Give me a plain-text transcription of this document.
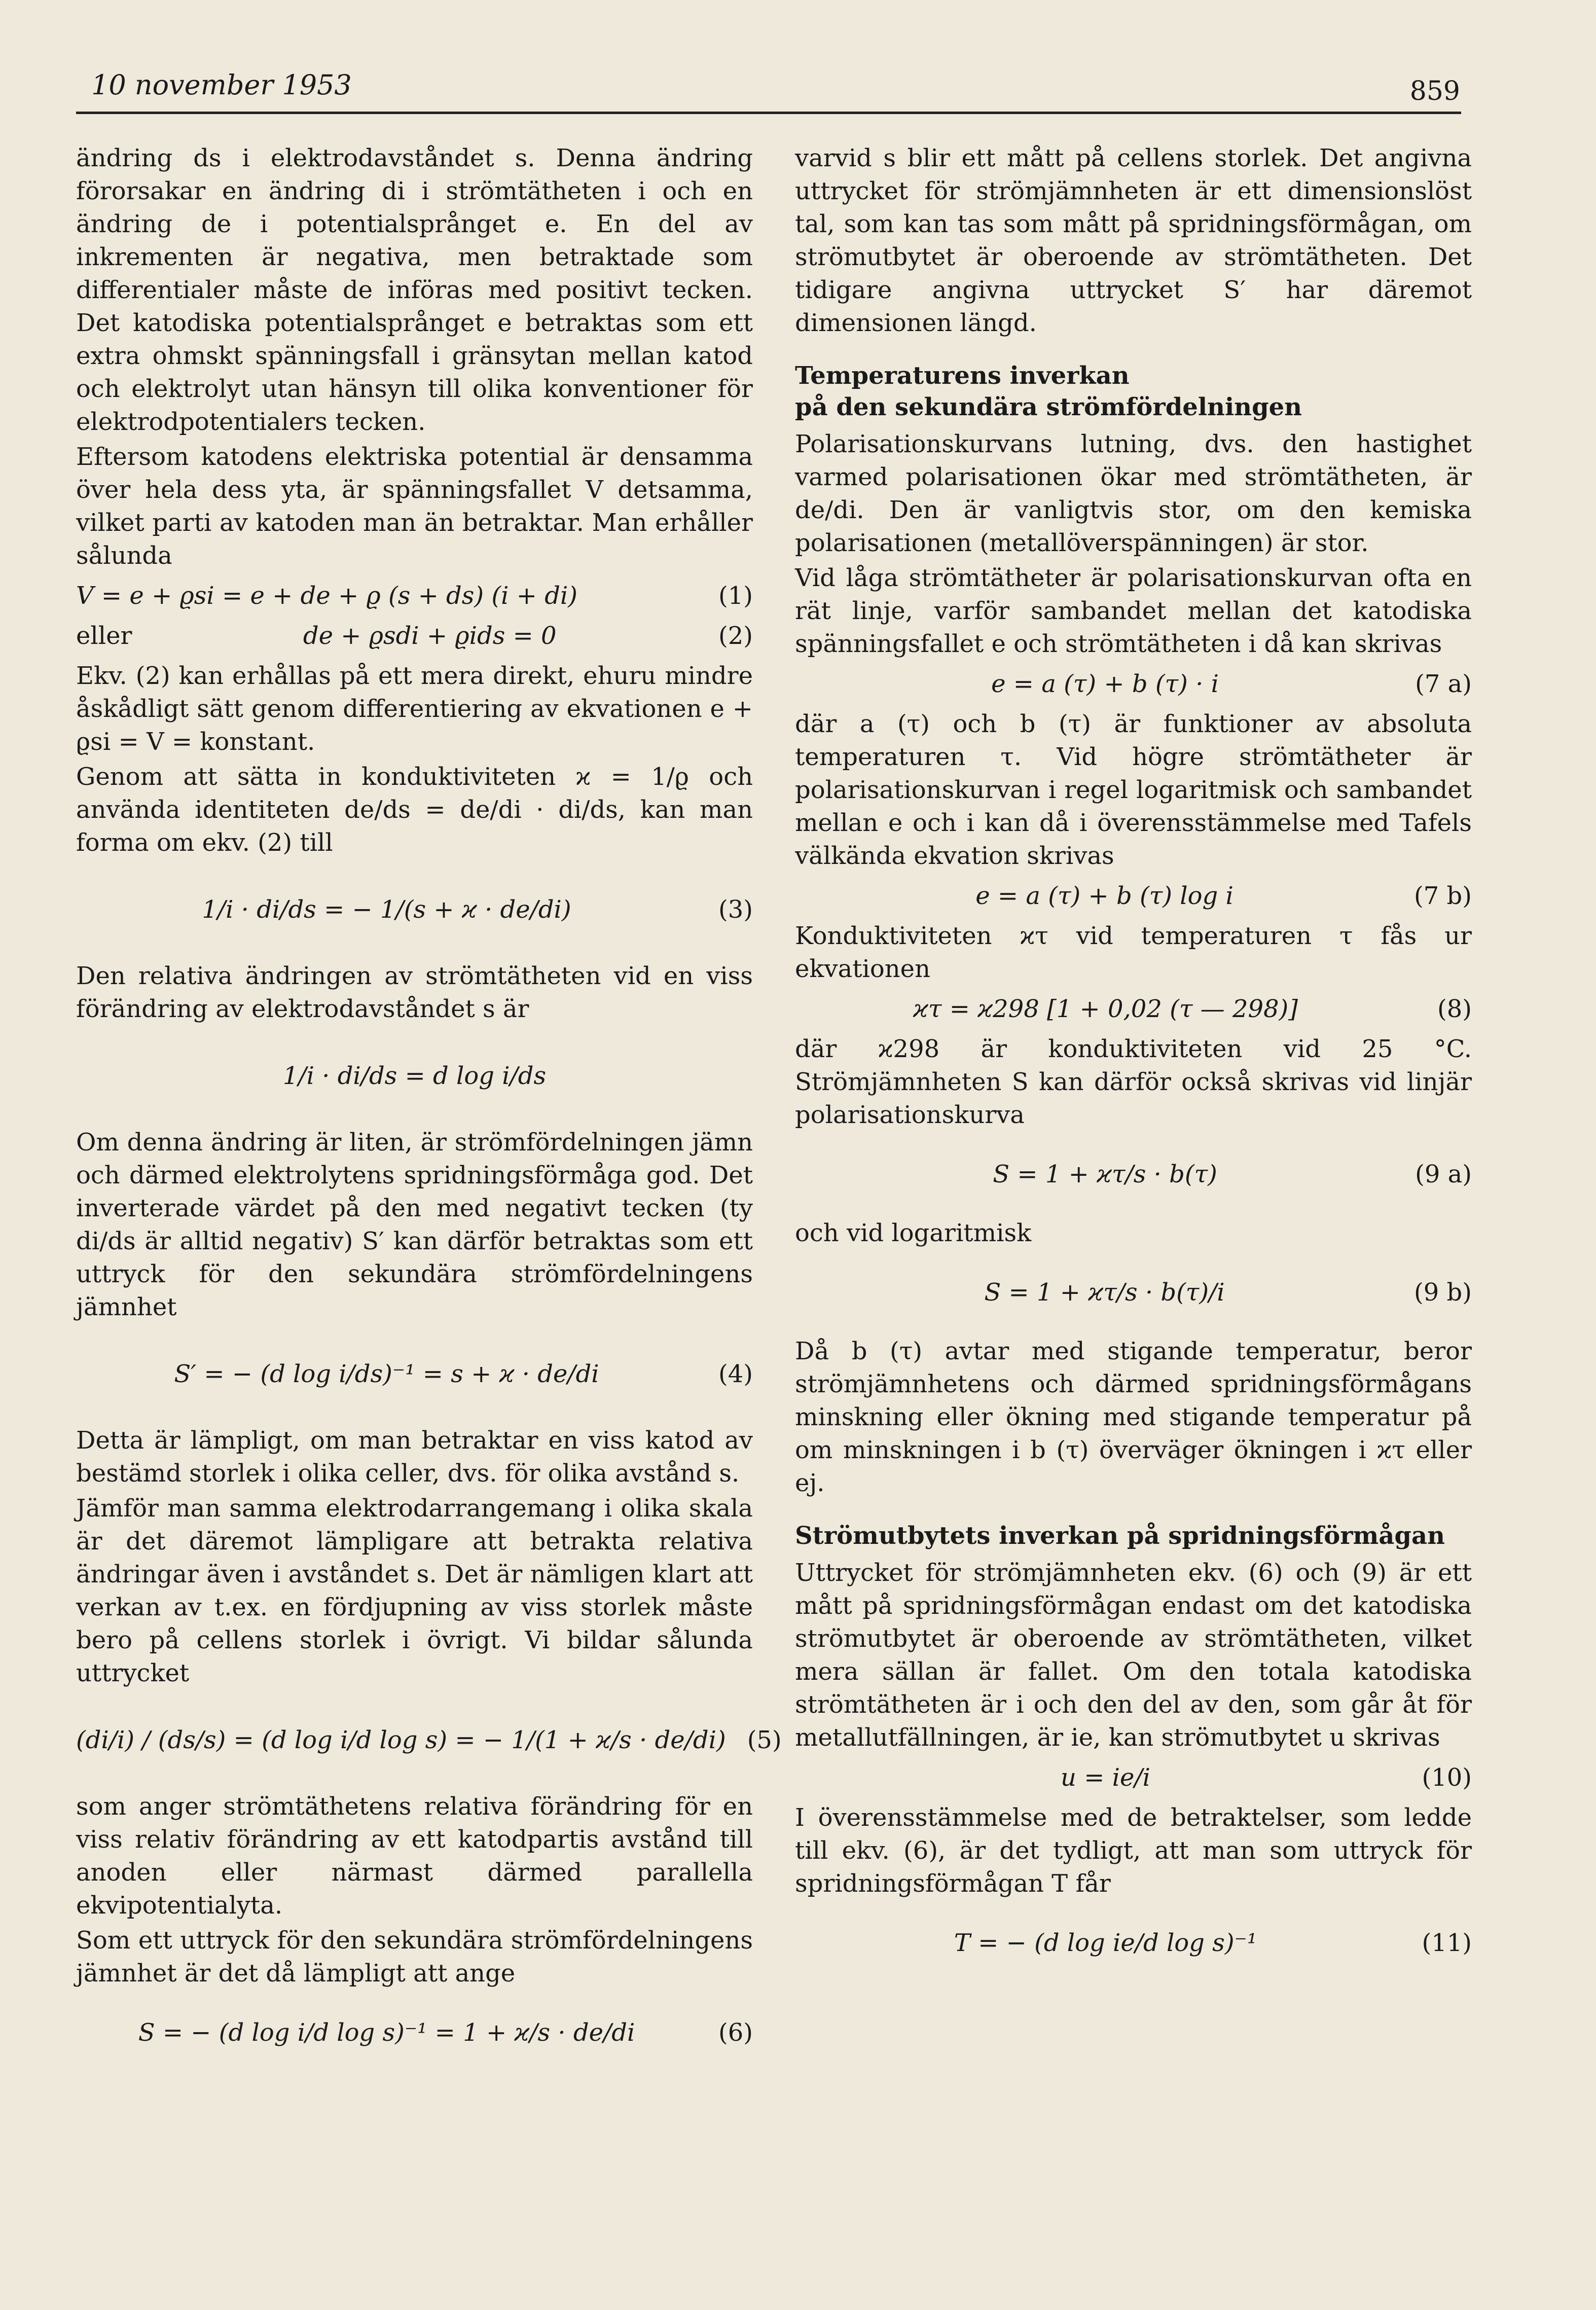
10 november 1953	859

ändring ds i elektrodavståndet s. Denna ändring förorsakar en ändring di i strömtätheten i och en ändring de i potentialsprånget e. En del av inkrementen är negativa, men betraktade som differentialer måste de införas med positivt tecken. Det katodiska potentialsprånget e betraktas som ett extra ohmskt spänningsfall i gränsytan mellan katod och elektrolyt utan hänsyn till olika konventioner för elektrodpotentialers tecken.

Eftersom katodens elektriska potential är densamma över hela dess yta, är spänningsfallet V detsamma, vilket parti av katoden man än betraktar. Man erhåller sålunda

V = e + ϱsi = e + de + ϱ (s + ds) (i + di)	(1)
eller	de + ϱsdi + ϱids = 0	(2)

Ekv. (2) kan erhållas på ett mera direkt, ehuru mindre åskådligt sätt genom differentiering av ekvationen e + ϱsi = V = konstant.

Genom att sätta in konduktiviteten ϰ = 1/ϱ och använda identiteten de/ds = de/di · di/ds, kan man forma om ekv. (2) till

1/i · di/ds = − 1/(s + ϰ · de/di)	(3)

Den relativa ändringen av strömtätheten vid en viss förändring av elektrodavståndet s är

1/i · di/ds = d log i/ds

Om denna ändring är liten, är strömfördelningen jämn och därmed elektrolytens spridningsförmåga god. Det inverterade värdet på den med negativt tecken (ty di/ds är alltid negativ) S′ kan därför betraktas som ett uttryck för den sekundära strömfördelningens jämnhet

S′ = − (d log i/ds)⁻¹ = s + ϰ · de/di	(4)

Detta är lämpligt, om man betraktar en viss katod av bestämd storlek i olika celler, dvs. för olika avstånd s.

Jämför man samma elektrodarrangemang i olika skala är det däremot lämpligare att betrakta relativa ändringar även i avståndet s. Det är nämligen klart att verkan av t.ex. en fördjupning av viss storlek måste bero på cellens storlek i övrigt. Vi bildar sålunda uttrycket

(di/i) / (ds/s) = (d log i/d log s) = − 1/(1 + ϰ/s · de/di) (5)

som anger strömtäthetens relativa förändring för en viss relativ förändring av ett katodpartis avstånd till anoden eller närmast därmed parallella ekvipotentialyta.

Som ett uttryck för den sekundära strömfördelningens jämnhet är det då lämpligt att ange

S = − (d log i/d log s)⁻¹ = 1 + ϰ/s · de/di	(6)

varvid s blir ett mått på cellens storlek. Det angivna uttrycket för strömjämnheten är ett dimensionslöst tal, som kan tas som mått på spridningsförmågan, om strömutbytet är oberoende av strömtätheten. Det tidigare angivna uttrycket S′ har däremot dimensionen längd.

Temperaturens inverkan
på den sekundära strömfördelningen

Polarisationskurvans lutning, dvs. den hastighet varmed polarisationen ökar med strömtätheten, är de/di. Den är vanligtvis stor, om den kemiska polarisationen (metallöverspänningen) är stor.

Vid låga strömtätheter är polarisationskurvan ofta en rät linje, varför sambandet mellan det katodiska spänningsfallet e och strömtätheten i då kan skrivas

e = a (τ) + b (τ) · i	(7 a)

där a (τ) och b (τ) är funktioner av absoluta temperaturen τ. Vid högre strömtätheter är polarisationskurvan i regel logaritmisk och sambandet mellan e och i kan då i överensstämmelse med Tafels välkända ekvation skrivas

e = a (τ) + b (τ) log i	(7 b)

Konduktiviteten ϰτ vid temperaturen τ fås ur ekvationen

ϰτ = ϰ298 [1 + 0,02 (τ — 298)]	(8)

där ϰ298 är konduktiviteten vid 25 °C. Strömjämnheten S kan därför också skrivas vid linjär polarisationskurva

S = 1 + ϰτ/s · b(τ)	(9 a)

och vid logaritmisk

S = 1 + ϰτ/s · b(τ)/i	(9 b)

Då b (τ) avtar med stigande temperatur, beror strömjämnhetens och därmed spridningsförmågans minskning eller ökning med stigande temperatur på om minskningen i b (τ) överväger ökningen i ϰτ eller ej.

Strömutbytets inverkan på spridningsförmågan

Uttrycket för strömjämnheten ekv. (6) och (9) är ett mått på spridningsförmågan endast om det katodiska strömutbytet är oberoende av strömtätheten, vilket mera sällan är fallet. Om den totala katodiska strömtätheten är i och den del av den, som går åt för metallutfällningen, är ie, kan strömutbytet u skrivas

u = ie/i	(10)

I överensstämmelse med de betraktelser, som ledde till ekv. (6), är det tydligt, att man som uttryck för spridningsförmågan T får

T = − (d log ie/d log s)⁻¹	(11)
